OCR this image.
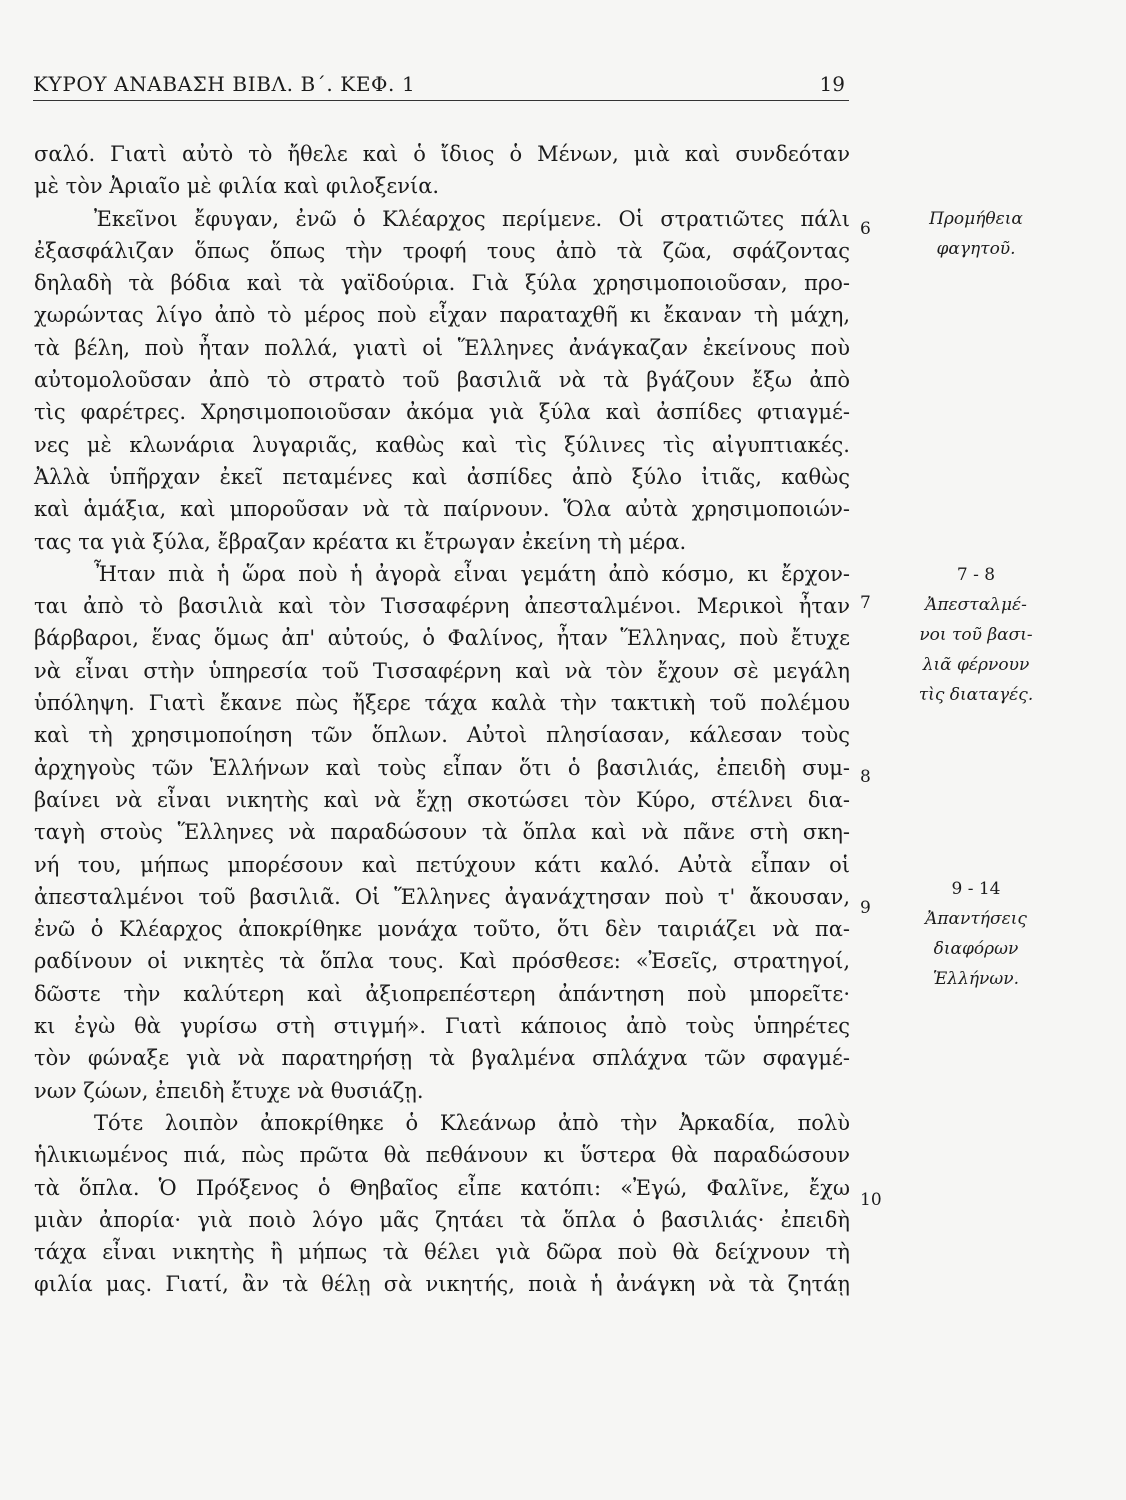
ΚΥΡΟΥ ΑΝΑΒΑΣΗ ΒΙΒΛ. Β΄. ΚΕΦ. 1	19
σαλό. Γιατὶ αὐτὸ τὸ ἤθελε καὶ ὁ ἴδιος ὁ Μένων, μιὰ καὶ συνδεόταν
μὲ τὸν Ἀριαῖο μὲ φιλία καὶ φιλοξενία.
Ἐκεῖνοι ἔφυγαν, ἐνῶ ὁ Κλέαρχος περίμενε. Οἱ στρατιῶτες πάλι
ἐξασφάλιζαν ὅπως ὅπως τὴν τροφή τους ἀπὸ τὰ ζῶα, σφάζοντας
δηλαδὴ τὰ βόδια καὶ τὰ γαϊδούρια. Γιὰ ξύλα χρησιμοποιοῦσαν, προ-
χωρώντας λίγο ἀπὸ τὸ μέρος ποὺ εἶχαν παραταχθῆ κι ἔκαναν τὴ μάχη,
τὰ βέλη, ποὺ ἦταν πολλά, γιατὶ οἱ Ἕλληνες ἀνάγκαζαν ἐκείνους ποὺ
αὐτομολοῦσαν ἀπὸ τὸ στρατὸ τοῦ βασιλιᾶ νὰ τὰ βγάζουν ἔξω ἀπὸ
τὶς φαρέτρες. Χρησιμοποιοῦσαν ἀκόμα γιὰ ξύλα καὶ ἀσπίδες φτιαγμέ-
νες μὲ κλωνάρια λυγαριᾶς, καθὼς καὶ τὶς ξύλινες τὶς αἰγυπτιακές.
Ἀλλὰ ὑπῆρχαν ἐκεῖ πεταμένες καὶ ἀσπίδες ἀπὸ ξύλο ἰτιᾶς, καθὼς
καὶ ἁμάξια, καὶ μποροῦσαν νὰ τὰ παίρνουν. Ὅλα αὐτὰ χρησιμοποιών-
τας τα γιὰ ξύλα, ἔβραζαν κρέατα κι ἔτρωγαν ἐκείνη τὴ μέρα.
Ἦταν πιὰ ἡ ὥρα ποὺ ἡ ἀγορὰ εἶναι γεμάτη ἀπὸ κόσμο, κι ἔρχον-
ται ἀπὸ τὸ βασιλιὰ καὶ τὸν Τισσαφέρνη ἀπεσταλμένοι. Μερικοὶ ἦταν
βάρβαροι, ἕνας ὅμως ἀπ' αὐτούς, ὁ Φαλίνος, ἦταν Ἕλληνας, ποὺ ἔτυχε
νὰ εἶναι στὴν ὑπηρεσία τοῦ Τισσαφέρνη καὶ νὰ τὸν ἔχουν σὲ μεγάλη
ὑπόληψη. Γιατὶ ἔκανε πὼς ἤξερε τάχα καλὰ τὴν τακτικὴ τοῦ πολέμου
καὶ τὴ χρησιμοποίηση τῶν ὅπλων. Αὐτοὶ πλησίασαν, κάλεσαν τοὺς
ἀρχηγοὺς τῶν Ἑλλήνων καὶ τοὺς εἶπαν ὅτι ὁ βασιλιάς, ἐπειδὴ συμ-
βαίνει νὰ εἶναι νικητὴς καὶ νὰ ἔχῃ σκοτώσει τὸν Κύρο, στέλνει δια-
ταγὴ στοὺς Ἕλληνες νὰ παραδώσουν τὰ ὅπλα καὶ νὰ πᾶνε στὴ σκη-
νή του, μήπως μπορέσουν καὶ πετύχουν κάτι καλό. Αὐτὰ εἶπαν οἱ
ἀπεσταλμένοι τοῦ βασιλιᾶ. Οἱ Ἕλληνες ἀγανάχτησαν ποὺ τ' ἄκουσαν,
ἐνῶ ὁ Κλέαρχος ἀποκρίθηκε μονάχα τοῦτο, ὅτι δὲν ταιριάζει νὰ πα-
ραδίνουν οἱ νικητὲς τὰ ὅπλα τους. Καὶ πρόσθεσε: «Ἐσεῖς, στρατηγοί,
δῶστε τὴν καλύτερη καὶ ἀξιοπρεπέστερη ἀπάντηση ποὺ μπορεῖτε·
κι ἐγὼ θὰ γυρίσω στὴ στιγμή». Γιατὶ κάποιος ἀπὸ τοὺς ὑπηρέτες
τὸν φώναξε γιὰ νὰ παρατηρήσῃ τὰ βγαλμένα σπλάχνα τῶν σφαγμέ-
νων ζώων, ἐπειδὴ ἔτυχε νὰ θυσιάζῃ.
Τότε λοιπὸν ἀποκρίθηκε ὁ Κλεάνωρ ἀπὸ τὴν Ἀρκαδία, πολὺ
ἡλικιωμένος πιά, πὼς πρῶτα θὰ πεθάνουν κι ὕστερα θὰ παραδώσουν
τὰ ὅπλα. Ὁ Πρόξενος ὁ Θηβαῖος εἶπε κατόπι: «Ἐγώ, Φαλῖνε, ἔχω
μιὰν ἀπορία· γιὰ ποιὸ λόγο μᾶς ζητάει τὰ ὅπλα ὁ βασιλιάς· ἐπειδὴ
τάχα εἶναι νικητὴς ἢ μήπως τὰ θέλει γιὰ δῶρα ποὺ θὰ δείχνουν τὴ
φιλία μας. Γιατί, ἂν τὰ θέλῃ σὰ νικητής, ποιὰ ἡ ἀνάγκη νὰ τὰ ζητάῃ
6
7
8
9
10
Προμήθεια
φαγητοῦ.
7 - 8
Ἀπεσταλμέ-
νοι τοῦ βασι-
λιᾶ φέρνουν
τὶς διαταγές.
9 - 14
Ἀπαντήσεις
διαφόρων
Ἑλλήνων.
